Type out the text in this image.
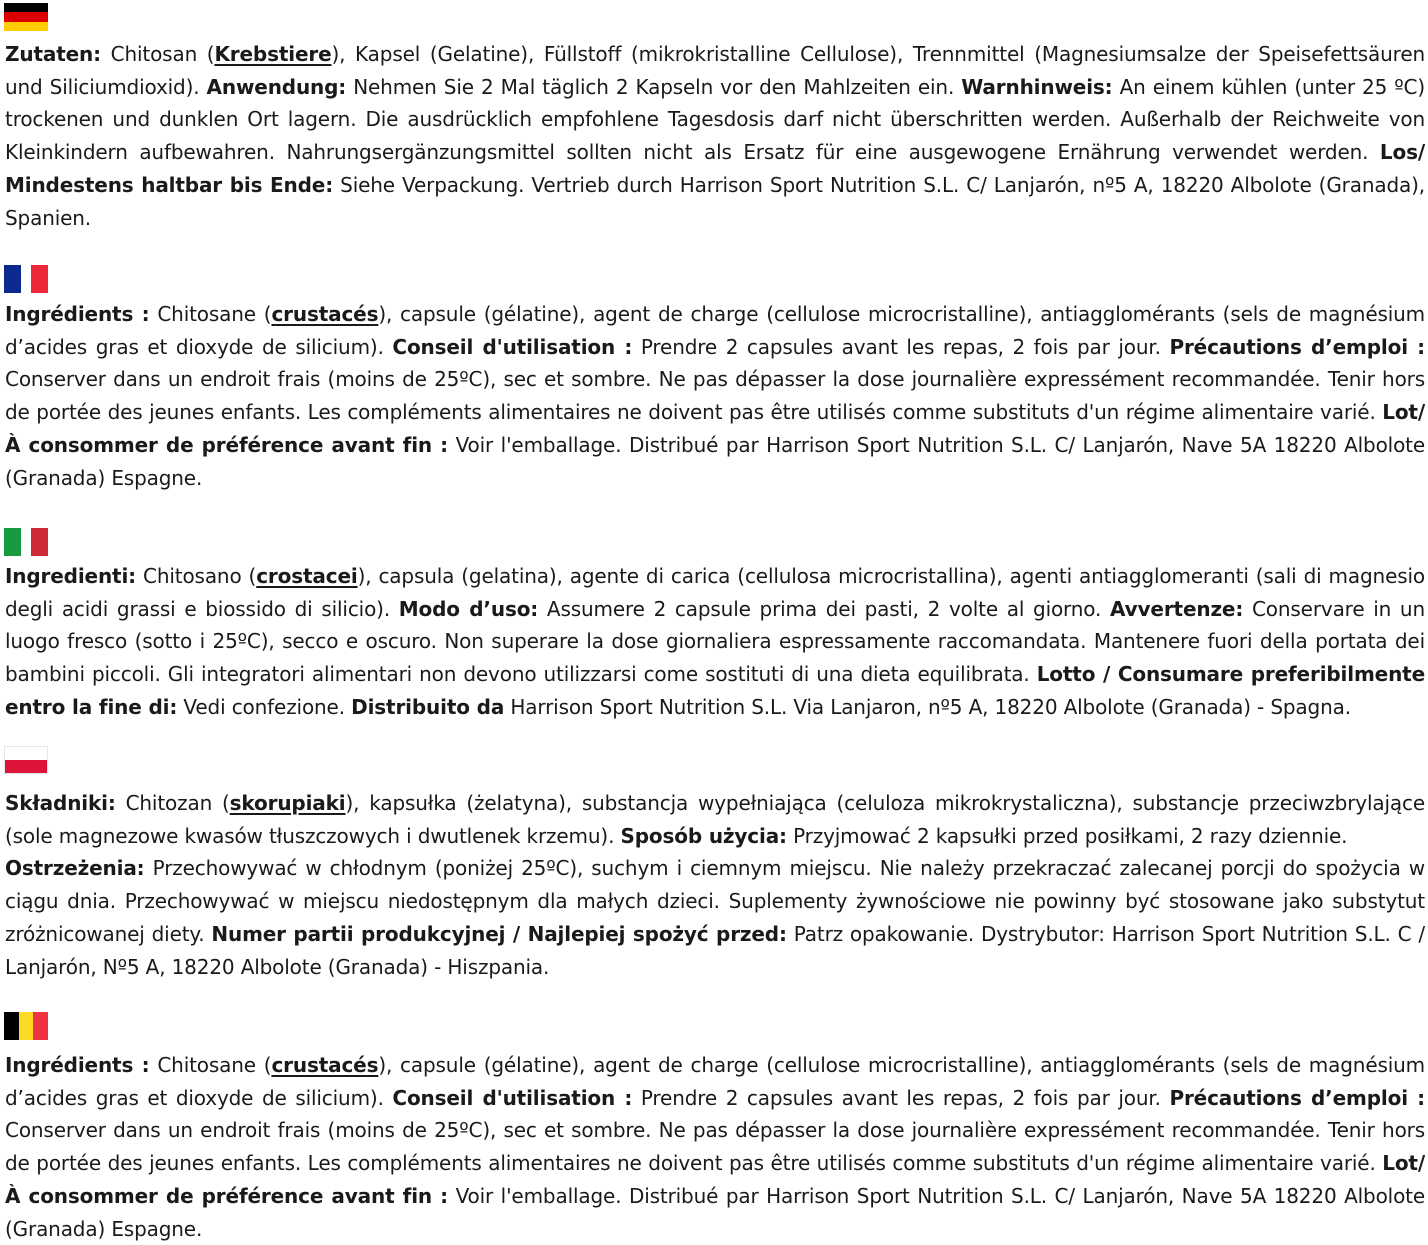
Zutaten: Chitosan (Krebstiere), Kapsel (Gelatine), Füllstoff (mikrokristalline Cellulose), Trennmittel (Magnesiumsalze der Speisefettsäuren und Siliciumdioxid). Anwendung: Nehmen Sie 2 Mal täglich 2 Kapseln vor den Mahlzeiten ein. Warnhinweis: An einem kühlen (unter 25 ºC) trockenen und dunklen Ort lagern. Die ausdrücklich empfohlene Tagesdosis darf nicht überschritten werden. Außerhalb der Reichweite von Kleinkindern aufbewahren. Nahrungsergänzungsmittel sollten nicht als Ersatz für eine ausgewogene Ernährung verwendet werden. Los/ Mindestens haltbar bis Ende: Siehe Verpackung. Vertrieb durch Harrison Sport Nutrition S.L. C/ Lanjarón, nº5 A, 18220 Albolote (Granada), Spanien.

Ingrédients : Chitosane (crustacés), capsule (gélatine), agent de charge (cellulose microcristalline), antiagglomérants (sels de magnésium d’acides gras et dioxyde de silicium). Conseil d'utilisation : Prendre 2 capsules avant les repas, 2 fois par jour. Précautions d’emploi : Conserver dans un endroit frais (moins de 25ºC), sec et sombre. Ne pas dépasser la dose journalière expressément recommandée. Tenir hors de portée des jeunes enfants. Les compléments alimentaires ne doivent pas être utilisés comme substituts d'un régime alimentaire varié. Lot/ À consommer de préférence avant fin : Voir l'emballage. Distribué par Harrison Sport Nutrition S.L. C/ Lanjarón, Nave 5A 18220 Albolote (Granada) Espagne.

Ingredienti: Chitosano (crostacei), capsula (gelatina), agente di carica (cellulosa microcristallina), agenti antiagglomeranti (sali di magnesio degli acidi grassi e biossido di silicio). Modo d’uso: Assumere 2 capsule prima dei pasti, 2 volte al giorno. Avvertenze: Conservare in un luogo fresco (sotto i 25ºC), secco e oscuro. Non superare la dose giornaliera espressamente raccomandata. Mantenere fuori della portata dei bambini piccoli. Gli integratori alimentari non devono utilizzarsi come sostituti di una dieta equilibrata. Lotto / Consumare preferibilmente entro la fine di: Vedi confezione. Distribuito da Harrison Sport Nutrition S.L. Via Lanjaron, nº5 A, 18220 Albolote (Granada) - Spagna.

Składniki: Chitozan (skorupiaki), kapsułka (żelatyna), substancja wypełniająca (celuloza mikrokrystaliczna), substancje przeciwzbrylające (sole magnezowe kwasów tłuszczowych i dwutlenek krzemu). Sposób użycia: Przyjmować 2 kapsułki przed posiłkami, 2 razy dziennie.
Ostrzeżenia: Przechowywać w chłodnym (poniżej 25ºC), suchym i ciemnym miejscu. Nie należy przekraczać zalecanej porcji do spożycia w ciągu dnia. Przechowywać w miejscu niedostępnym dla małych dzieci. Suplementy żywnościowe nie powinny być stosowane jako substytut zróżnicowanej diety. Numer partii produkcyjnej / Najlepiej spożyć przed: Patrz opakowanie. Dystrybutor: Harrison Sport Nutrition S.L. C / Lanjarón, Nº5 A, 18220 Albolote (Granada) - Hiszpania.

Ingrédients : Chitosane (crustacés), capsule (gélatine), agent de charge (cellulose microcristalline), antiagglomérants (sels de magnésium d’acides gras et dioxyde de silicium). Conseil d'utilisation : Prendre 2 capsules avant les repas, 2 fois par jour. Précautions d’emploi : Conserver dans un endroit frais (moins de 25ºC), sec et sombre. Ne pas dépasser la dose journalière expressément recommandée. Tenir hors de portée des jeunes enfants. Les compléments alimentaires ne doivent pas être utilisés comme substituts d'un régime alimentaire varié. Lot/ À consommer de préférence avant fin : Voir l'emballage. Distribué par Harrison Sport Nutrition S.L. C/ Lanjarón, Nave 5A 18220 Albolote (Granada) Espagne.
